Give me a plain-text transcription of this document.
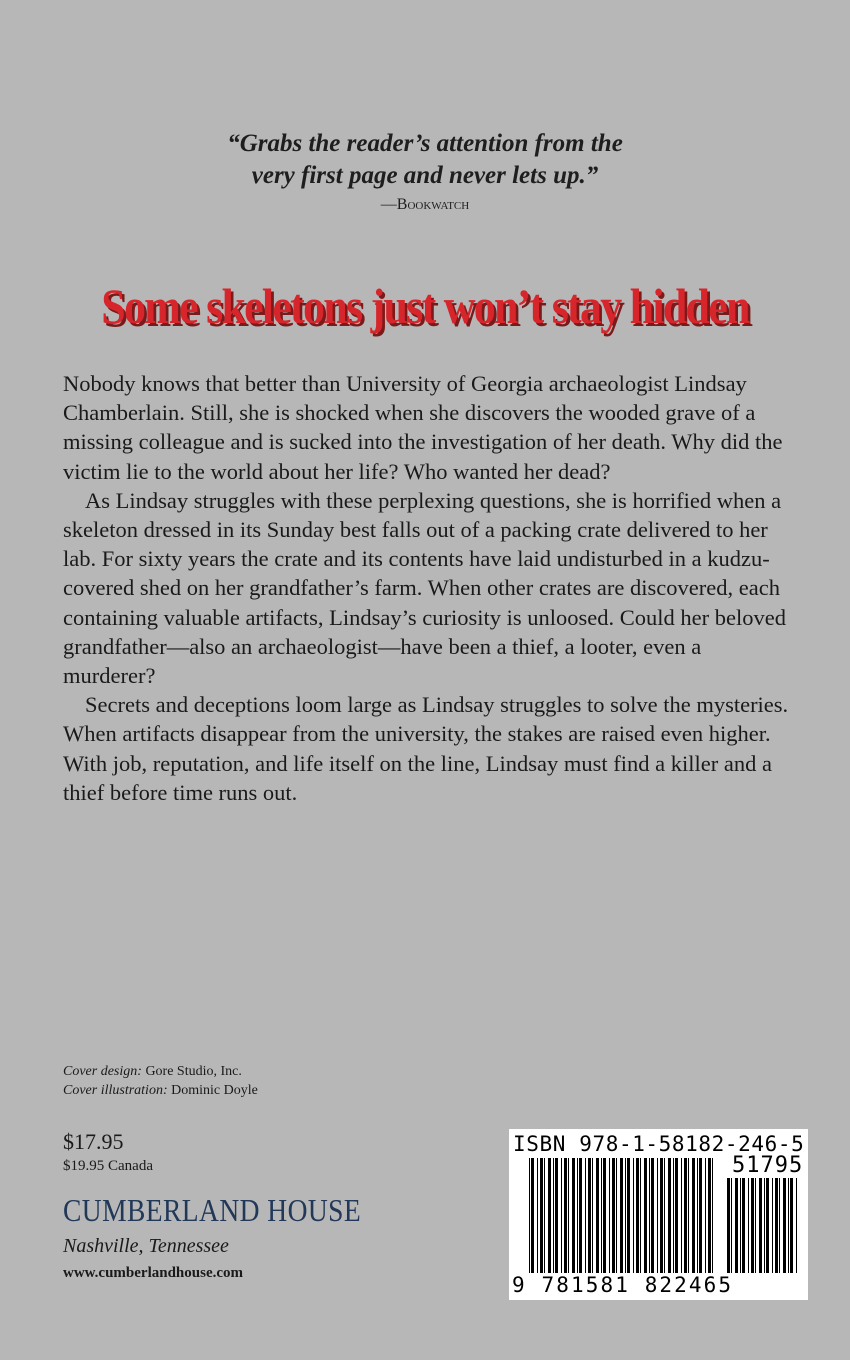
“Grabs the reader’s attention from the
very first page and never lets up.”
—Bookwatch
Some skeletons just won’t stay hidden

Nobody knows that better than University of Georgia archaeologist Lindsay Chamberlain. Still, she is shocked when she discovers the wooded grave of a missing colleague and is sucked into the investigation of her death. Why did the victim lie to the world about her life? Who wanted her dead?

As Lindsay struggles with these perplexing questions, she is horrified when a skeleton dressed in its Sunday best falls out of a packing crate delivered to her lab. For sixty years the crate and its contents have laid undisturbed in a kudzu-covered shed on her grandfather’s farm. When other crates are discovered, each containing valuable artifacts, Lindsay’s curiosity is unloosed. Could her beloved grandfather—also an archaeologist—have been a thief, a looter, even a murderer?

Secrets and deceptions loom large as Lindsay struggles to solve the mysteries. When artifacts disappear from the university, the stakes are raised even higher. With job, reputation, and life itself on the line, Lindsay must find a killer and a thief before time runs out.

Cover design: Gore Studio, Inc.
Cover illustration: Dominic Doyle
$17.95
$19.95 Canada
CUMBERLAND HOUSE
Nashville, Tennessee
www.cumberlandhouse.com
ISBN 978-1-58182-246-5
51795
9 781581 822465
